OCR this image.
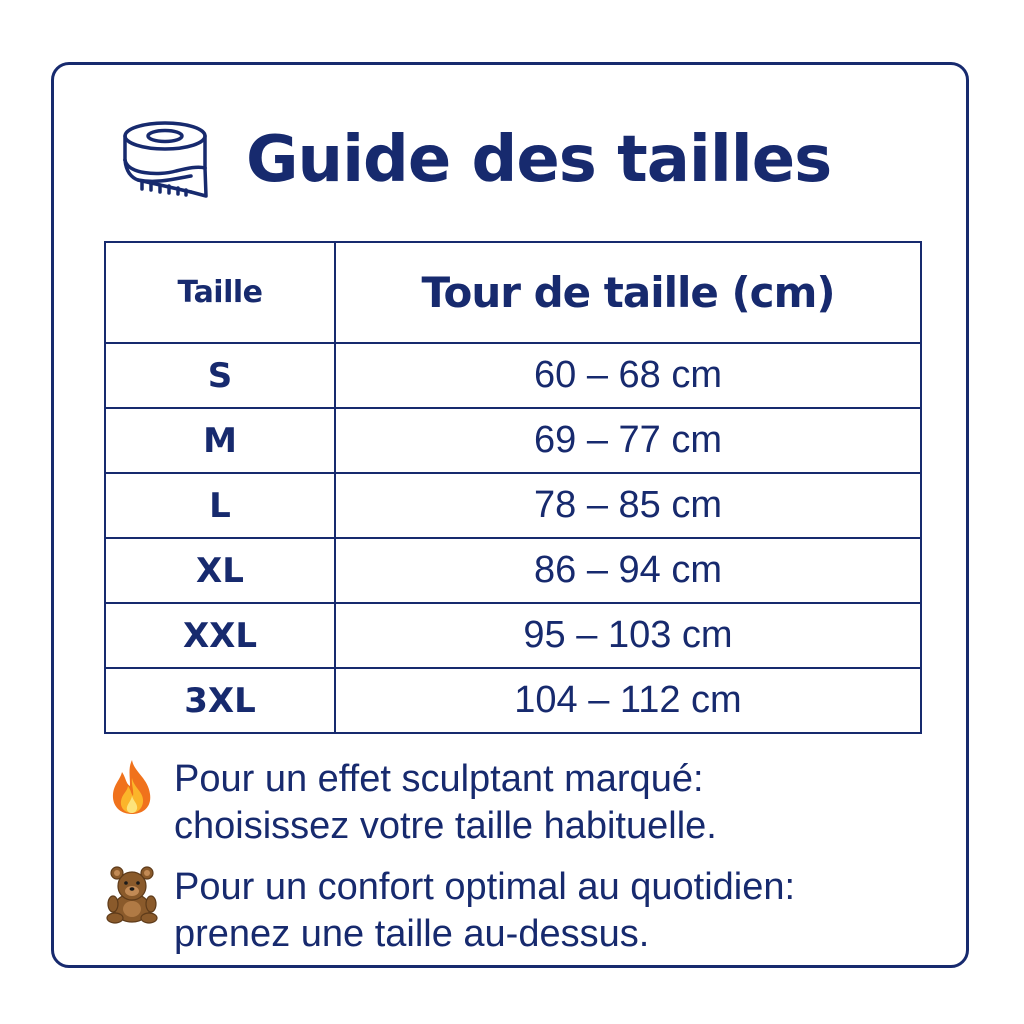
Guide des tailles
Taille	Tour de taille (cm)
S	60 – 68 cm
M	69 – 77 cm
L	78 – 85 cm
XL	86 – 94 cm
XXL	95 – 103 cm
3XL	104 – 112 cm
Pour un effet sculptant marqué:
choisissez votre taille habituelle.
Pour un confort optimal au quotidien:
prenez une taille au-dessus.
